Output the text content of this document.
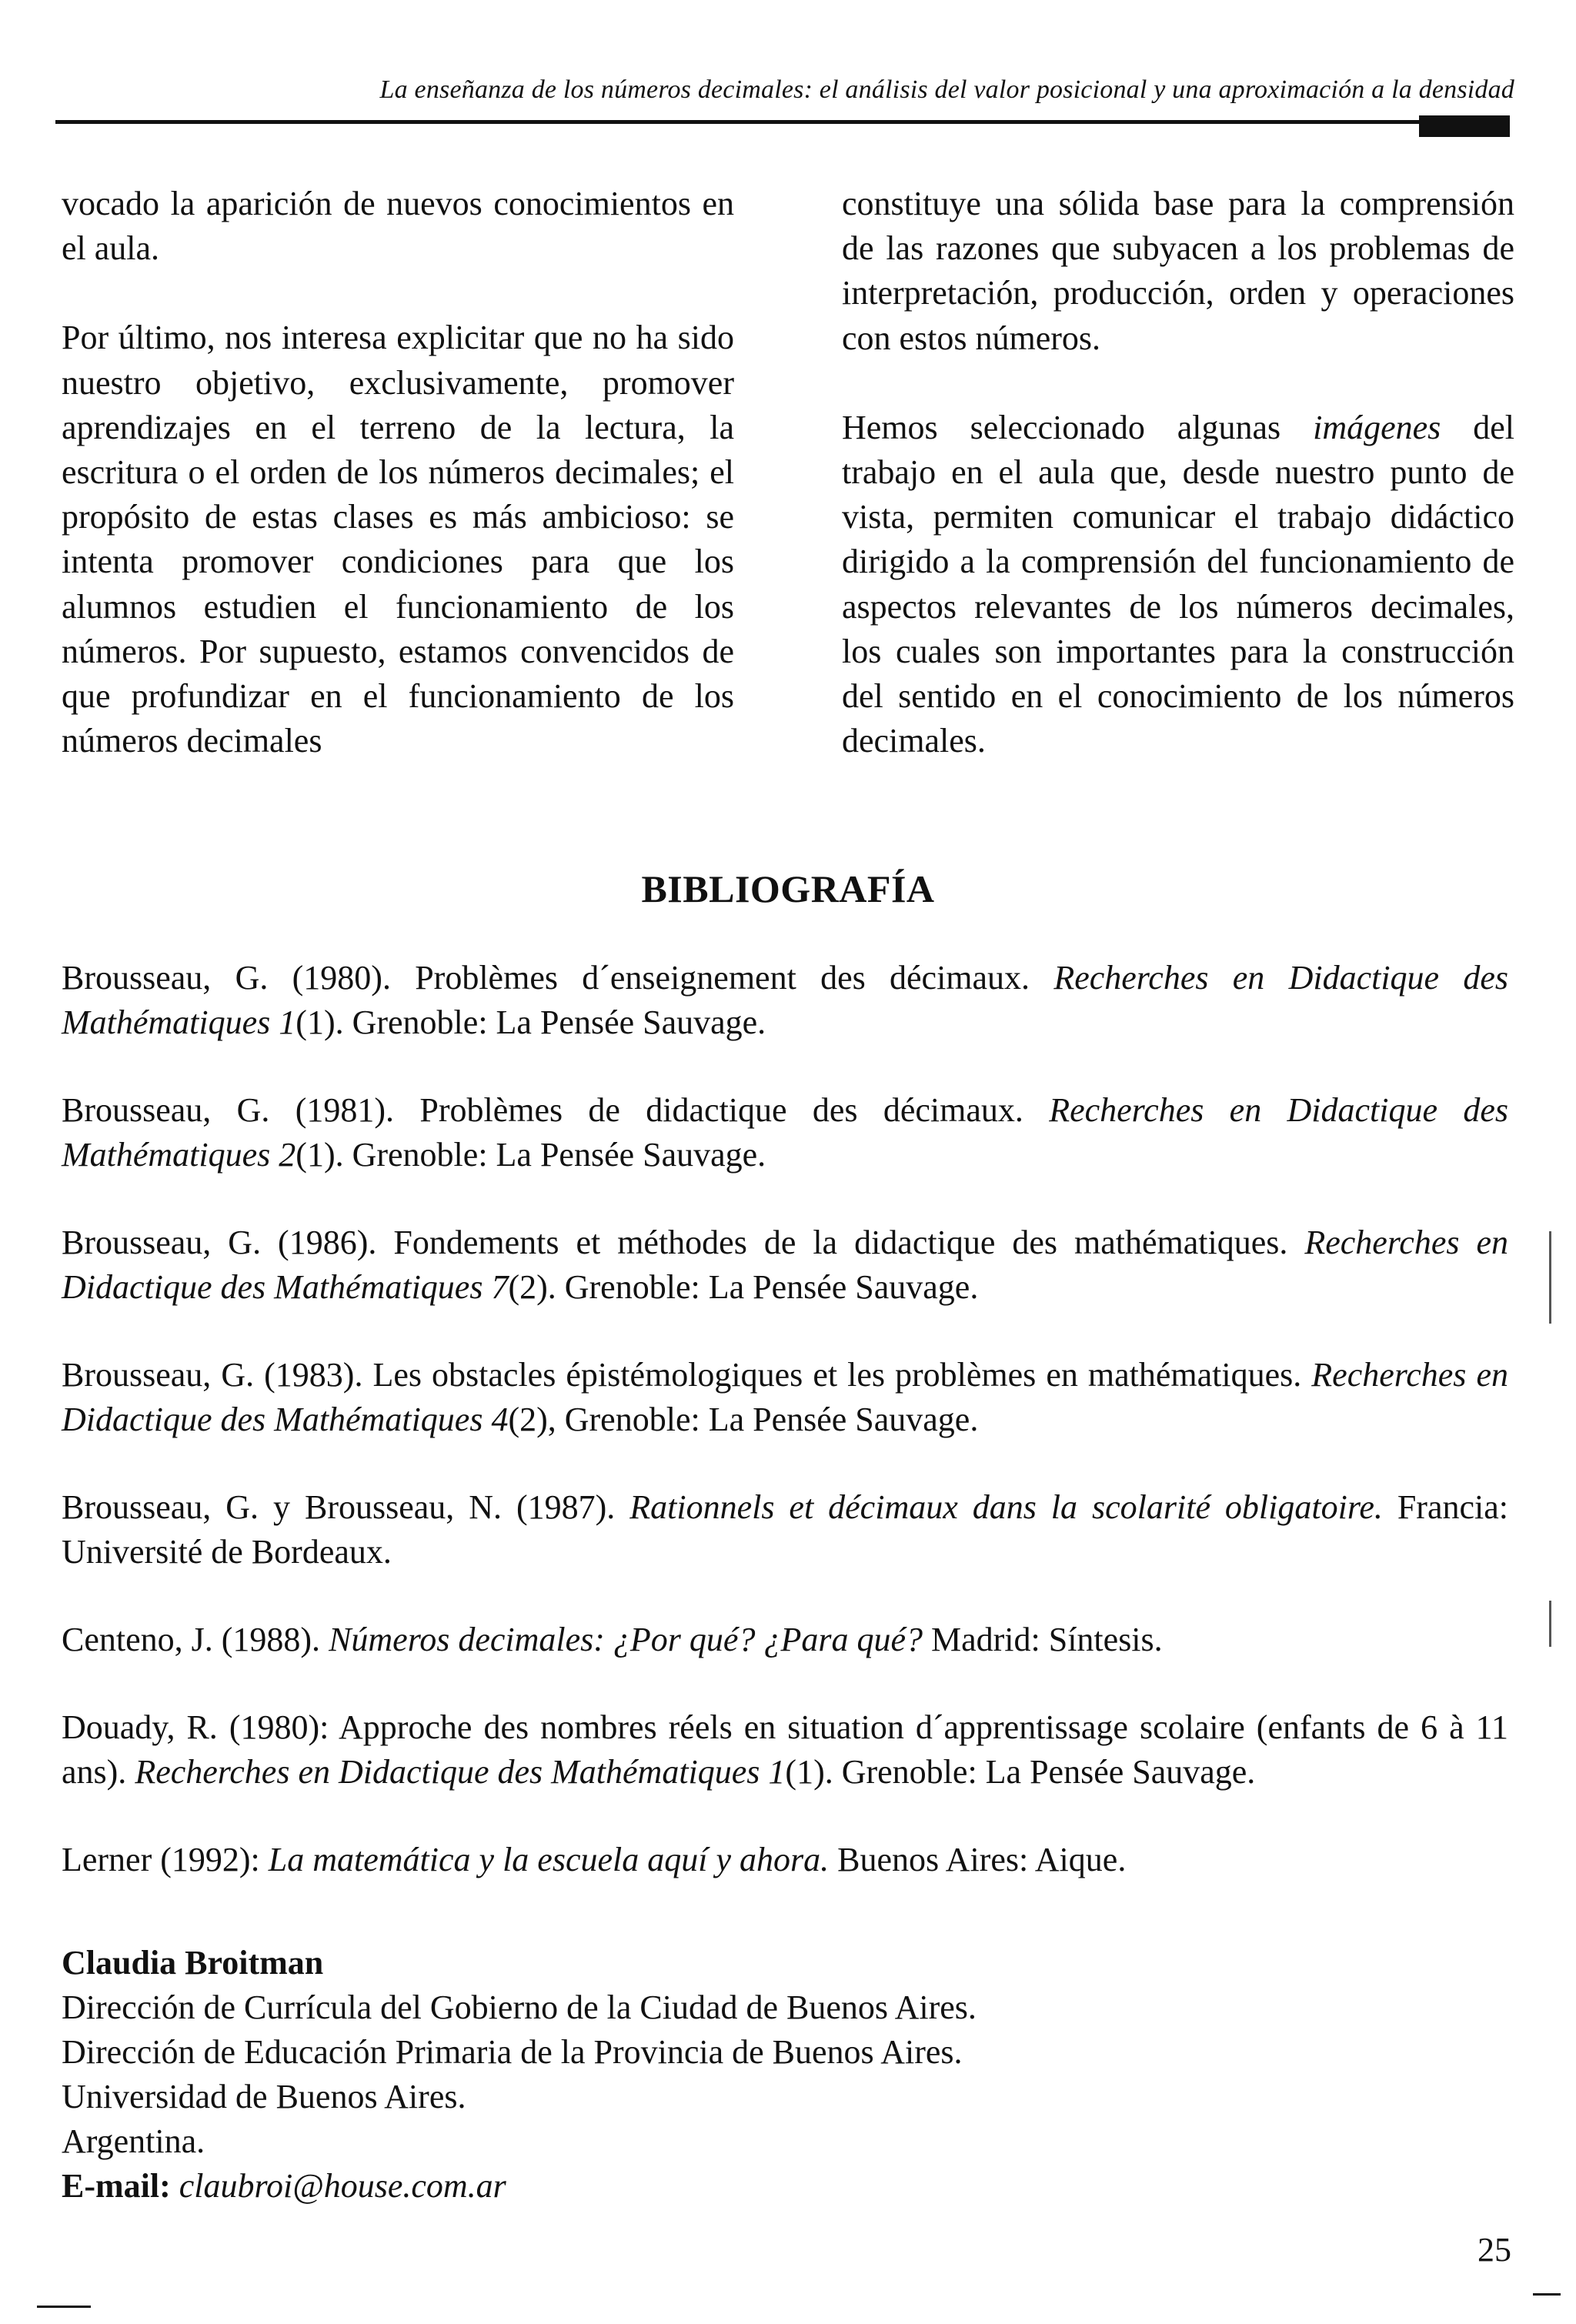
La enseñanza de los números decimales: el análisis del valor posicional y una aproximación a la densidad

vocado la aparición de nuevos conocimientos en el aula.

Por último, nos interesa explicitar que no ha sido nuestro objetivo, exclusivamente, promover aprendizajes en el terreno de la lectura, la escritura o el orden de los números decimales; el propósito de estas clases es más ambicioso: se intenta promover condiciones para que los alumnos estudien el funcionamiento de los números. Por supuesto, estamos convencidos de que profundizar en el funcionamiento de los números decimales

constituye una sólida base para la comprensión de las razones que subyacen a los problemas de interpretación, producción, orden y operaciones con estos números.

Hemos seleccionado algunas imágenes del trabajo en el aula que, desde nuestro punto de vista, permiten comunicar el trabajo didáctico dirigido a la comprensión del funcionamiento de aspectos relevantes de los números decimales, los cuales son importantes para la construcción del sentido en el conocimiento de los números decimales.

BIBLIOGRAFÍA

Brousseau, G. (1980). Problèmes d´enseignement des décimaux. Recherches en Didactique des Mathématiques 1(1). Grenoble: La Pensée Sauvage.

Brousseau, G. (1981). Problèmes de didactique des décimaux. Recherches en Didactique des Mathématiques 2(1). Grenoble: La Pensée Sauvage.

Brousseau, G. (1986). Fondements et méthodes de la didactique des mathématiques. Recherches en Didactique des Mathématiques 7(2). Grenoble: La Pensée Sauvage.

Brousseau, G. (1983). Les obstacles épistémologiques et les problèmes en mathématiques. Recherches en Didactique des Mathématiques 4(2), Grenoble: La Pensée Sauvage.

Brousseau, G. y Brousseau, N. (1987). Rationnels et décimaux dans la scolarité obligatoire. Francia: Université de Bordeaux.

Centeno, J. (1988). Números decimales: ¿Por qué? ¿Para qué? Madrid: Síntesis.

Douady, R. (1980): Approche des nombres réels en situation d´apprentissage scolaire (enfants de 6 à 11 ans). Recherches en Didactique des Mathématiques 1(1). Grenoble: La Pensée Sauvage.

Lerner (1992): La matemática y la escuela aquí y ahora. Buenos Aires: Aique.

Claudia Broitman
Dirección de Currícula del Gobierno de la Ciudad de Buenos Aires.
Dirección de Educación Primaria de la Provincia de Buenos Aires.
Universidad de Buenos Aires.
Argentina.
E-mail: claubroi@house.com.ar
25
